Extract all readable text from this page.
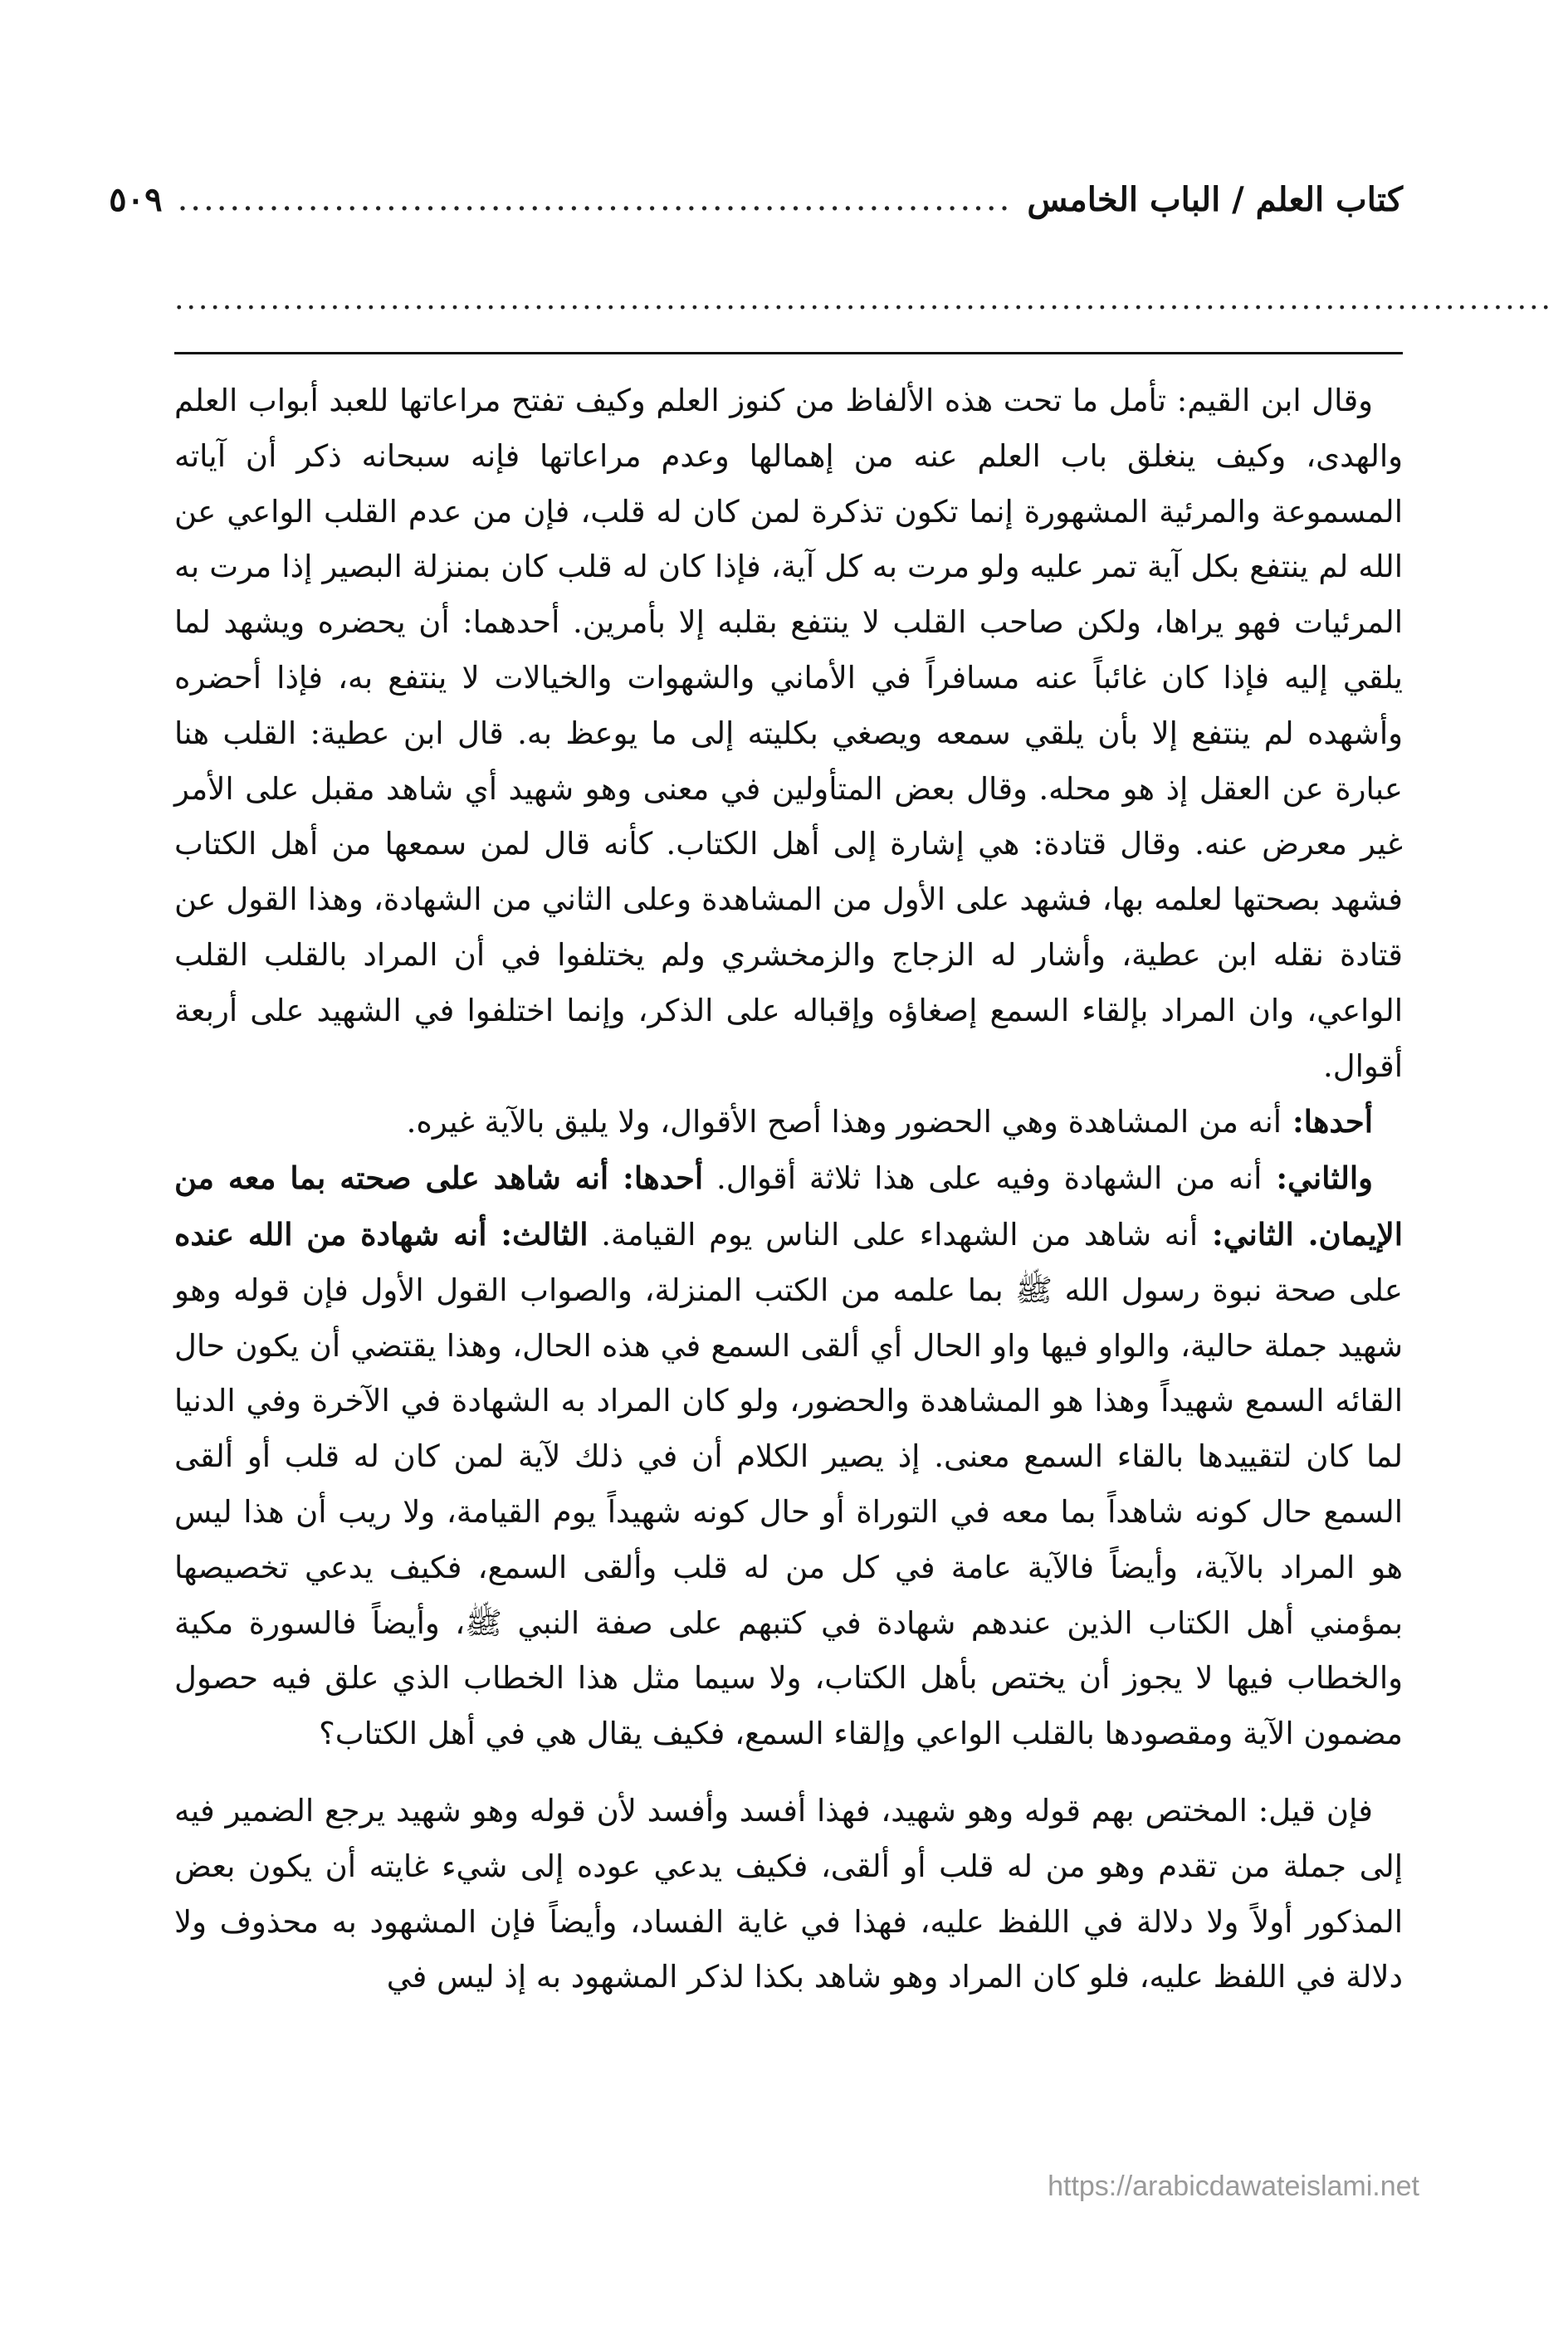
كتاب العلم / الباب الخامس
................................................................
٥٠٩
...................................................................................................................

وقال ابن القيم: تأمل ما تحت هذه الألفاظ من كنوز العلم وكيف تفتح مراعاتها للعبد أبواب العلم والهدى، وكيف ينغلق باب العلم عنه من إهمالها وعدم مراعاتها فإنه سبحانه ذكر أن آياته المسموعة والمرئية المشهورة إنما تكون تذكرة لمن كان له قلب، فإن من عدم القلب الواعي عن الله لم ينتفع بكل آية تمر عليه ولو مرت به كل آية، فإذا كان له قلب كان بمنزلة البصير إذا مرت به المرئيات فهو يراها، ولكن صاحب القلب لا ينتفع بقلبه إلا بأمرين. أحدهما: أن يحضره ويشهد لما يلقي إليه فإذا كان غائباً عنه مسافراً في الأماني والشهوات والخيالات لا ينتفع به، فإذا أحضره وأشهده لم ينتفع إلا بأن يلقي سمعه ويصغي بكليته إلى ما يوعظ به. قال ابن عطية: القلب هنا عبارة عن العقل إذ هو محله. وقال بعض المتأولين في معنى وهو شهيد أي شاهد مقبل على الأمر غير معرض عنه. وقال قتادة: هي إشارة إلى أهل الكتاب. كأنه قال لمن سمعها من أهل الكتاب فشهد بصحتها لعلمه بها، فشهد على الأول من المشاهدة وعلى الثاني من الشهادة، وهذا القول عن قتادة نقله ابن عطية، وأشار له الزجاج والزمخشري ولم يختلفوا في أن المراد بالقلب القلب الواعي، وان المراد بإلقاء السمع إصغاؤه وإقباله على الذكر، وإنما اختلفوا في الشهيد على أربعة أقوال.

أحدها: أنه من المشاهدة وهي الحضور وهذا أصح الأقوال، ولا يليق بالآية غيره.

والثاني: أنه من الشهادة وفيه على هذا ثلاثة أقوال. أحدها: أنه شاهد على صحته بما معه من الإيمان. الثاني: أنه شاهد من الشهداء على الناس يوم القيامة. الثالث: أنه شهادة من الله عنده على صحة نبوة رسول الله ﷺ بما علمه من الكتب المنزلة، والصواب القول الأول فإن قوله وهو شهيد جملة حالية، والواو فيها واو الحال أي ألقى السمع في هذه الحال، وهذا يقتضي أن يكون حال القائه السمع شهيداً وهذا هو المشاهدة والحضور، ولو كان المراد به الشهادة في الآخرة وفي الدنيا لما كان لتقييدها بالقاء السمع معنى. إذ يصير الكلام أن في ذلك لآية لمن كان له قلب أو ألقى السمع حال كونه شاهداً بما معه في التوراة أو حال كونه شهيداً يوم القيامة، ولا ريب أن هذا ليس هو المراد بالآية، وأيضاً فالآية عامة في كل من له قلب وألقى السمع، فكيف يدعي تخصيصها بمؤمني أهل الكتاب الذين عندهم شهادة في كتبهم على صفة النبي ﷺ، وأيضاً فالسورة مكية والخطاب فيها لا يجوز أن يختص بأهل الكتاب، ولا سيما مثل هذا الخطاب الذي علق فيه حصول مضمون الآية ومقصودها بالقلب الواعي وإلقاء السمع، فكيف يقال هي في أهل الكتاب؟

فإن قيل: المختص بهم قوله وهو شهيد، فهذا أفسد وأفسد لأن قوله وهو شهيد يرجع الضمير فيه إلى جملة من تقدم وهو من له قلب أو ألقى، فكيف يدعي عوده إلى شيء غايته أن يكون بعض المذكور أولاً ولا دلالة في اللفظ عليه، فهذا في غاية الفساد، وأيضاً فإن المشهود به محذوف ولا دلالة في اللفظ عليه، فلو كان المراد وهو شاهد بكذا لذكر المشهود به إذ ليس في

https://arabicdawateislami.net
